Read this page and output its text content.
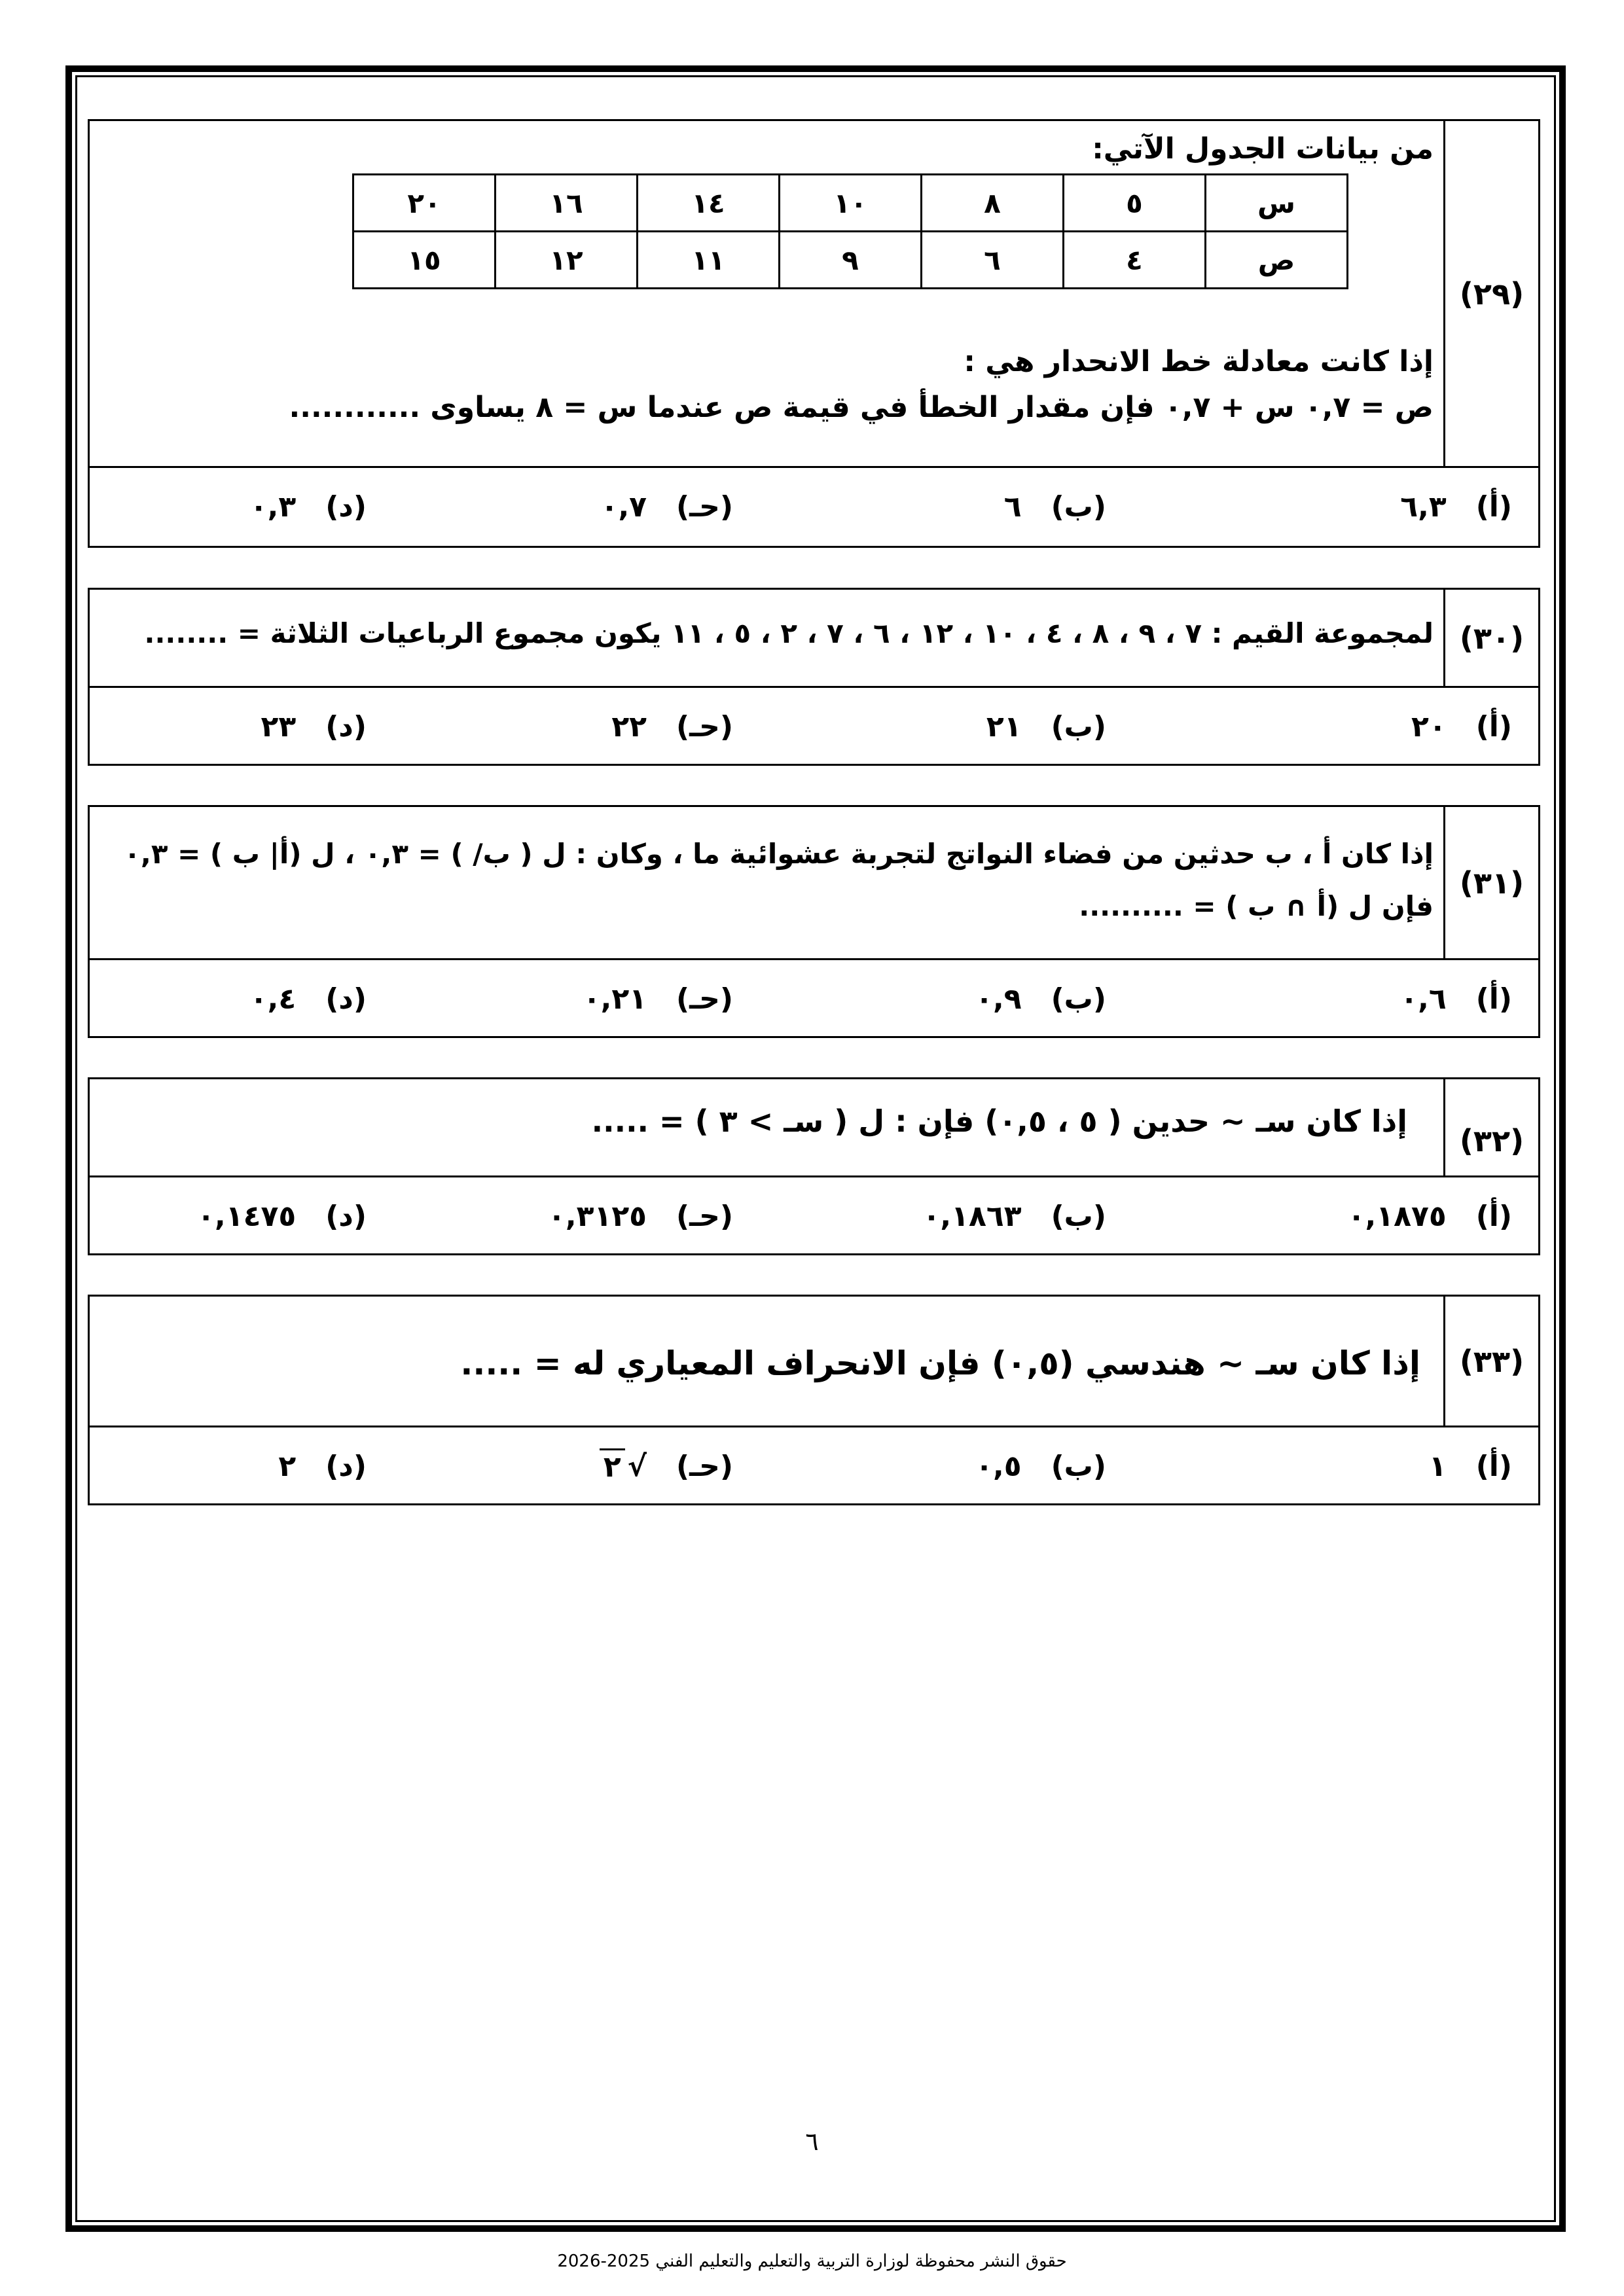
(٢٩)
من بيانات الجدول الآتي:
س	٥	٨	١٠	١٤	١٦	٢٠
ص	٤	٦	٩	١١	١٢	١٥
إذا كانت معادلة خط الانحدار هي :
ص = ٠,٧ س + ٠,٧ فإن مقدار الخطأ في قيمة ص عندما س = ٨ يساوى ............
(أ)
٦,٣
(ب)
٦
(حـ)
٠,٧
(د)
٠,٣
(٣٠)
لمجموعة القيم : ٧ ، ٩ ، ٨ ، ٤ ، ١٠ ، ١٢ ، ٦ ، ٧ ، ٢ ، ٥ ، ١١ يكون مجموع الرباعيات الثلاثة = ........
(أ)
٢٠
(ب)
٢١
(حـ)
٢٢
(د)
٢٣
(٣١)
إذا كان أ ، ب حدثين من فضاء النواتج لتجربة عشوائية ما ، وكان : ل ( ب/ ) = ٠,٣ ، ل (أ| ب ) = ٠,٣
فإن ل (أ ∩ ب ) = ..........
(أ)
٠,٦
(ب)
٠,٩
(حـ)
٠,٢١
(د)
٠,٤
(٣٢)
إذا كان سـ ~ حدين ( ٥ ، ٠,٥) فإن : ل ( سـ > ٣ ) = .....
(أ)
٠,١٨٧٥
(ب)
٠,١٨٦٣
(حـ)
٠,٣١٢٥
(د)
٠,١٤٧٥
(٣٣)
إذا كان سـ ~ هندسي (٠,٥) فإن الانحراف المعياري له = .....
(أ)
١
(ب)
٠,٥
(حـ)
√
٢
(د)
٢
٦
حقوق النشر محفوظة لوزارة التربية والتعليم والتعليم الفني 2025-2026
